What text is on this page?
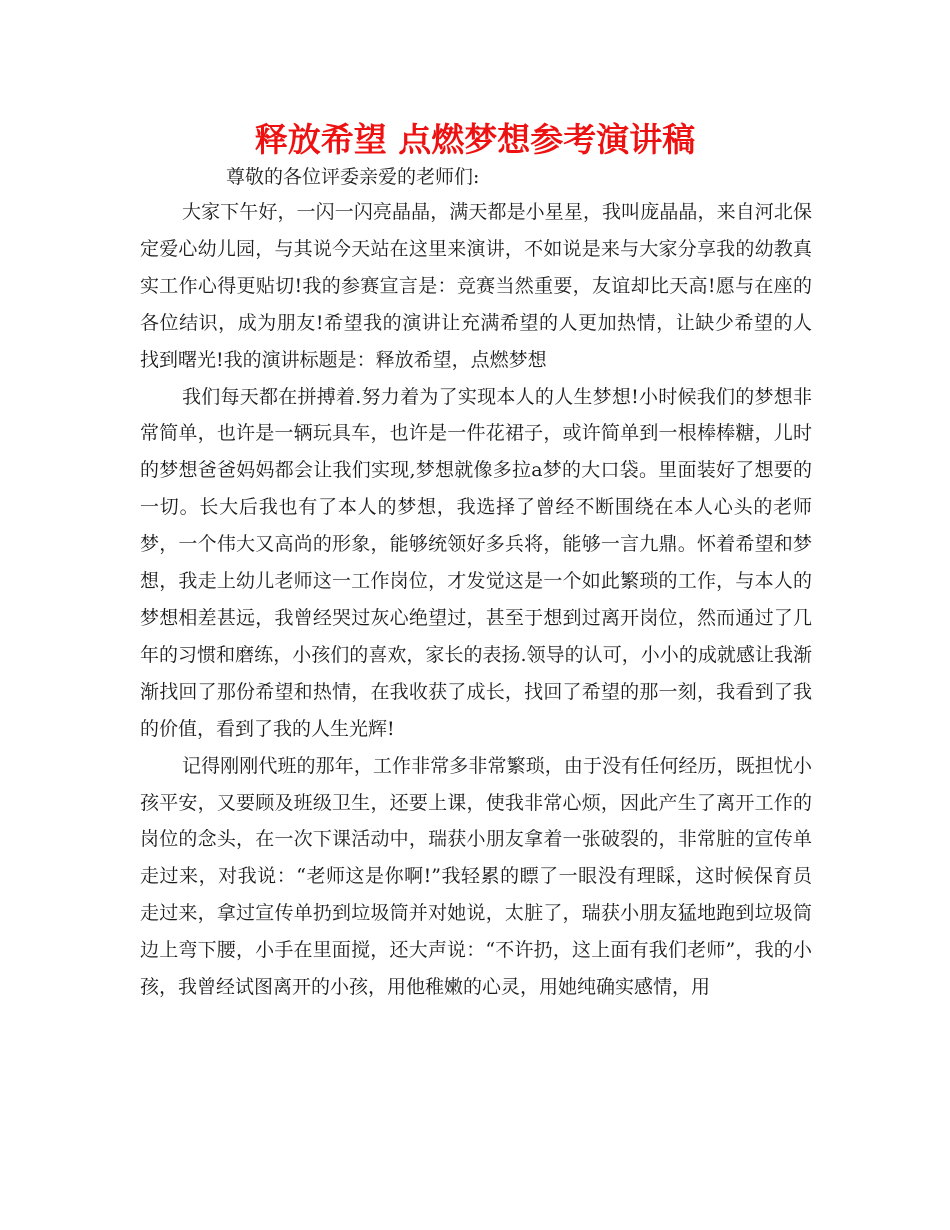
释放希望 点燃梦想参考演讲稿

尊敬的各位评委亲爱的老师们:

大家下午好，一闪一闪亮晶晶，满天都是小星星，我叫庞晶晶，来自河北保定爱心幼儿园，与其说今天站在这里来演讲，不如说是来与大家分享我的幼教真实工作心得更贴切!我的参赛宣言是：竞赛当然重要，友谊却比天高!愿与在座的各位结识，成为朋友!希望我的演讲让充满希望的人更加热情，让缺少希望的人找到曙光!我的演讲标题是：释放希望，点燃梦想

我们每天都在拼搏着.努力着为了实现本人的人生梦想!小时候我们的梦想非常简单，也许是一辆玩具车，也许是一件花裙子，或许简单到一根棒棒糖，儿时的梦想爸爸妈妈都会让我们实现,梦想就像多拉a梦的大口袋。里面装好了想要的一切。长大后我也有了本人的梦想，我选择了曾经不断围绕在本人心头的老师梦，一个伟大又高尚的形象，能够统领好多兵将，能够一言九鼎。怀着希望和梦想，我走上幼儿老师这一工作岗位，才发觉这是一个如此繁琐的工作，与本人的梦想相差甚远，我曾经哭过灰心绝望过，甚至于想到过离开岗位，然而通过了几年的习惯和磨练，小孩们的喜欢，家长的表扬.领导的认可，小小的成就感让我渐渐找回了那份希望和热情，在我收获了成长，找回了希望的那一刻，我看到了我的价值，看到了我的人生光辉!

记得刚刚代班的那年，工作非常多非常繁琐，由于没有任何经历，既担忧小孩平安，又要顾及班级卫生，还要上课，使我非常心烦，因此产生了离开工作的岗位的念头，在一次下课活动中，瑞获小朋友拿着一张破裂的，非常脏的宣传单走过来，对我说：“老师这是你啊!”我轻累的瞟了一眼没有理睬，这时候保育员走过来，拿过宣传单扔到垃圾筒并对她说，太脏了，瑞获小朋友猛地跑到垃圾筒边上弯下腰，小手在里面搅，还大声说：“不许扔，这上面有我们老师”，我的小孩，我曾经试图离开的小孩，用他稚嫩的心灵，用她纯确实感情，用
